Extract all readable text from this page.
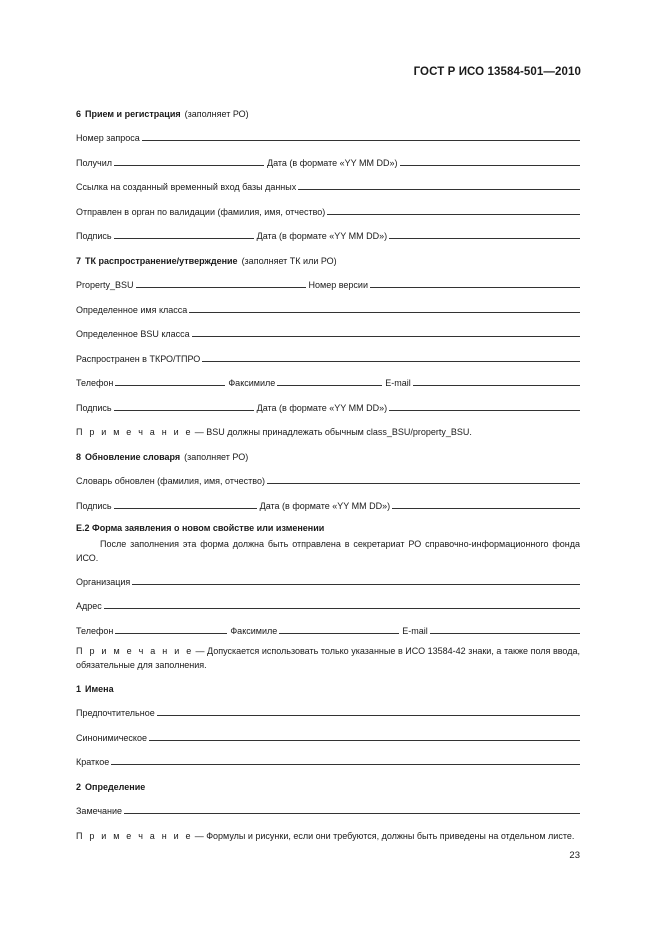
ГОСТ Р ИСО 13584-501—2010
6 Прием и регистрация (заполняет РО)
Номер запроса
Получил	Дата (в формате «YY MM DD»)
Ссылка на созданный временный вход базы данных
Отправлен в орган по валидации (фамилия, имя, отчество)
Подпись	Дата (в формате «YY MM DD»)
7 ТК распространение/утверждение (заполняет ТК или РО)
Property_BSU	Номер версии
Определенное имя класса
Определенное BSU класса
Распространен в ТКРО/ТПРО
Телефон	Факсимиле	E-mail
Подпись	Дата (в формате «YY MM DD»)
П р и м е ч а н и е — BSU должны принадлежать обычным class_BSU/property_BSU.
8 Обновление словаря (заполняет РО)
Словарь обновлен (фамилия, имя, отчество)
Подпись	Дата (в формате «YY MM DD»)
Е.2 Форма заявления о новом свойстве или изменении
После заполнения эта форма должна быть отправлена в секретариат РО справочно-информационного фонда ИСО.
Организация
Адрес
Телефон	Факсимиле	E-mail
П р и м е ч а н и е — Допускается использовать только указанные в ИСО 13584-42 знаки, а также поля ввода, обязательные для заполнения.
1 Имена
Предпочтительное
Синонимическое
Краткое
2 Определение
Замечание
П р и м е ч а н и е — Формулы и рисунки, если они требуются, должны быть приведены на отдельном листе.
23
